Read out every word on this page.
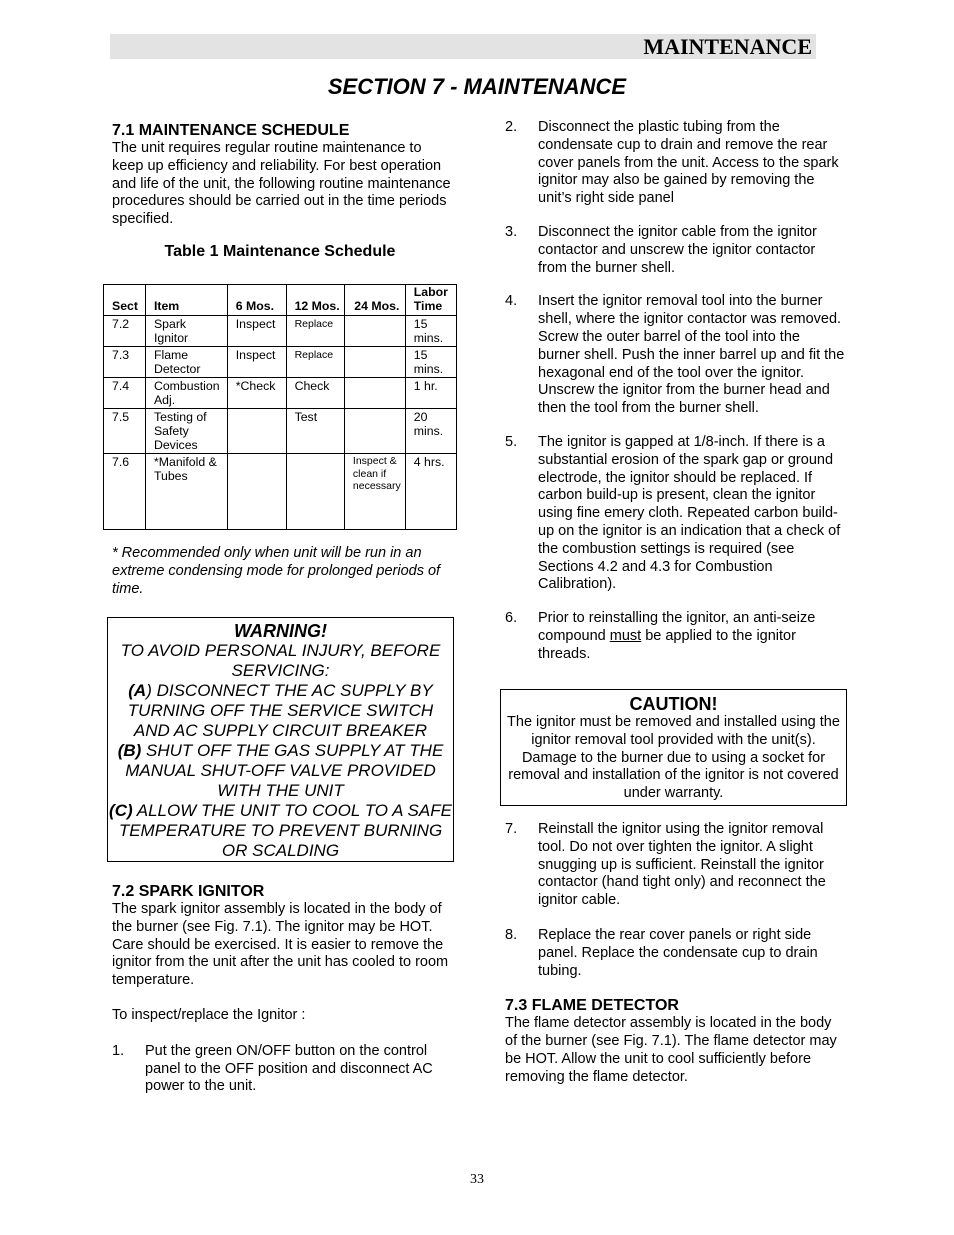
MAINTENANCE
SECTION 7 - MAINTENANCE
7.1 MAINTENANCE SCHEDULE

The unit requires regular routine maintenance to keep up efficiency and reliability. For best operation and life of the unit, the following routine maintenance procedures should be carried out in the time periods specified.

Table 1 Maintenance Schedule
Sect	Item	6 Mos.	12 Mos.	24 Mos.	Labor Time
7.2	Spark Ignitor	Inspect	Replace		15 mins.
7.3	Flame Detector	Inspect	Replace		15 mins.
7.4	Combustion Adj.	*Check	Check		1 hr.
7.5	Testing of Safety Devices		Test		20 mins.
7.6	*Manifold & Tubes			Inspect & clean if necessary	4 hrs.
* Recommended only when unit will be run in an extreme condensing mode for prolonged periods of time.
WARNING!
TO AVOID PERSONAL INJURY, BEFORE SERVICING:
(A) DISCONNECT THE AC SUPPLY BY TURNING OFF THE SERVICE SWITCH AND AC SUPPLY CIRCUIT BREAKER
(B) SHUT OFF THE GAS SUPPLY AT THE MANUAL SHUT-OFF VALVE PROVIDED WITH THE UNIT
(C) ALLOW THE UNIT TO COOL TO A SAFE TEMPERATURE TO PREVENT BURNING OR SCALDING
7.2 SPARK IGNITOR

The spark ignitor assembly is located in the body of the burner (see Fig. 7.1). The ignitor may be HOT. Care should be exercised. It is easier to remove the ignitor from the unit after the unit has cooled to room temperature.

To inspect/replace the Ignitor :

1. Put the green ON/OFF button on the control panel to the OFF position and disconnect AC power to the unit.
2. Disconnect the plastic tubing from the condensate cup to drain and remove the rear cover panels from the unit. Access to the spark ignitor may also be gained by removing the unit’s right side panel
3. Disconnect the ignitor cable from the ignitor contactor and unscrew the ignitor contactor from the burner shell.
4. Insert the ignitor removal tool into the burner shell, where the ignitor contactor was removed. Screw the outer barrel of the tool into the burner shell. Push the inner barrel up and fit the hexagonal end of the tool over the ignitor. Unscrew the ignitor from the burner head and then the tool from the burner shell.
5. The ignitor is gapped at 1/8-inch. If there is a substantial erosion of the spark gap or ground electrode, the ignitor should be replaced. If carbon build-up is present, clean the ignitor using fine emery cloth. Repeated carbon build-up on the ignitor is an indication that a check of the combustion settings is required (see Sections 4.2 and 4.3 for Combustion Calibration).
6. Prior to reinstalling the ignitor, an anti-seize compound must be applied to the ignitor threads.
CAUTION!
The ignitor must be removed and installed using the ignitor removal tool provided with the unit(s). Damage to the burner due to using a socket for removal and installation of the ignitor is not covered under warranty.
7. Reinstall the ignitor using the ignitor removal tool. Do not over tighten the ignitor. A slight snugging up is sufficient. Reinstall the ignitor contactor (hand tight only) and reconnect the ignitor cable.
8. Replace the rear cover panels or right side panel. Replace the condensate cup to drain tubing.
7.3 FLAME DETECTOR

The flame detector assembly is located in the body of the burner (see Fig. 7.1). The flame detector may be HOT. Allow the unit to cool sufficiently before removing the flame detector.

33
